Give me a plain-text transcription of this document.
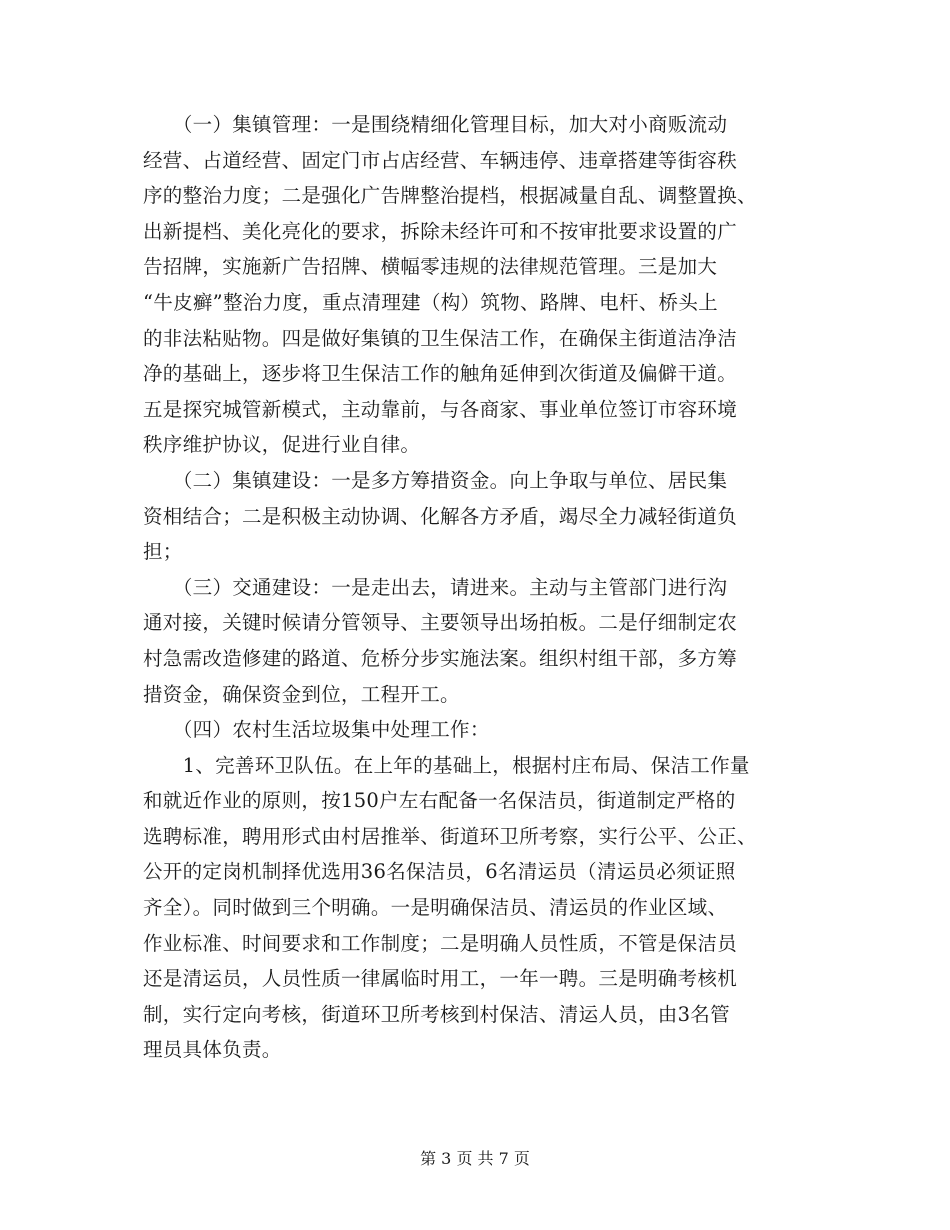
　　（一）集镇管理：一是围绕精细化管理目标，加大对小商贩流动
经营、占道经营、固定门市占店经营、车辆违停、违章搭建等街容秩
序的整治力度；二是强化广告牌整治提档，根据减量自乱、调整置换、
出新提档、美化亮化的要求，拆除未经许可和不按审批要求设置的广
告招牌，实施新广告招牌、横幅零违规的法律规范管理。三是加大
“牛皮癣”整治力度，重点清理建（构）筑物、路牌、电杆、桥头上
的非法粘贴物。四是做好集镇的卫生保洁工作，在确保主街道洁净洁
净的基础上，逐步将卫生保洁工作的触角延伸到次街道及偏僻干道。
五是探究城管新模式，主动靠前，与各商家、事业单位签订市容环境
秩序维护协议，促进行业自律。
　　（二）集镇建设：一是多方筹措资金。向上争取与单位、居民集
资相结合；二是积极主动协调、化解各方矛盾，竭尽全力减轻街道负
担；
　　（三）交通建设：一是走出去，请进来。主动与主管部门进行沟
通对接，关键时候请分管领导、主要领导出场拍板。二是仔细制定农
村急需改造修建的路道、危桥分步实施法案。组织村组干部，多方筹
措资金，确保资金到位，工程开工。
　　（四）农村生活垃圾集中处理工作：
　　1、完善环卫队伍。在上年的基础上，根据村庄布局、保洁工作量
和就近作业的原则，按150户左右配备一名保洁员，街道制定严格的
选聘标准，聘用形式由村居推举、街道环卫所考察，实行公平、公正、
公开的定岗机制择优选用36名保洁员，6名清运员（清运员必须证照
齐全）。同时做到三个明确。一是明确保洁员、清运员的作业区域、
作业标准、时间要求和工作制度；二是明确人员性质，不管是保洁员
还是清运员，人员性质一律属临时用工，一年一聘。三是明确考核机
制，实行定向考核，街道环卫所考核到村保洁、清运人员，由3名管
理员具体负责。
第 3 页 共 7 页
